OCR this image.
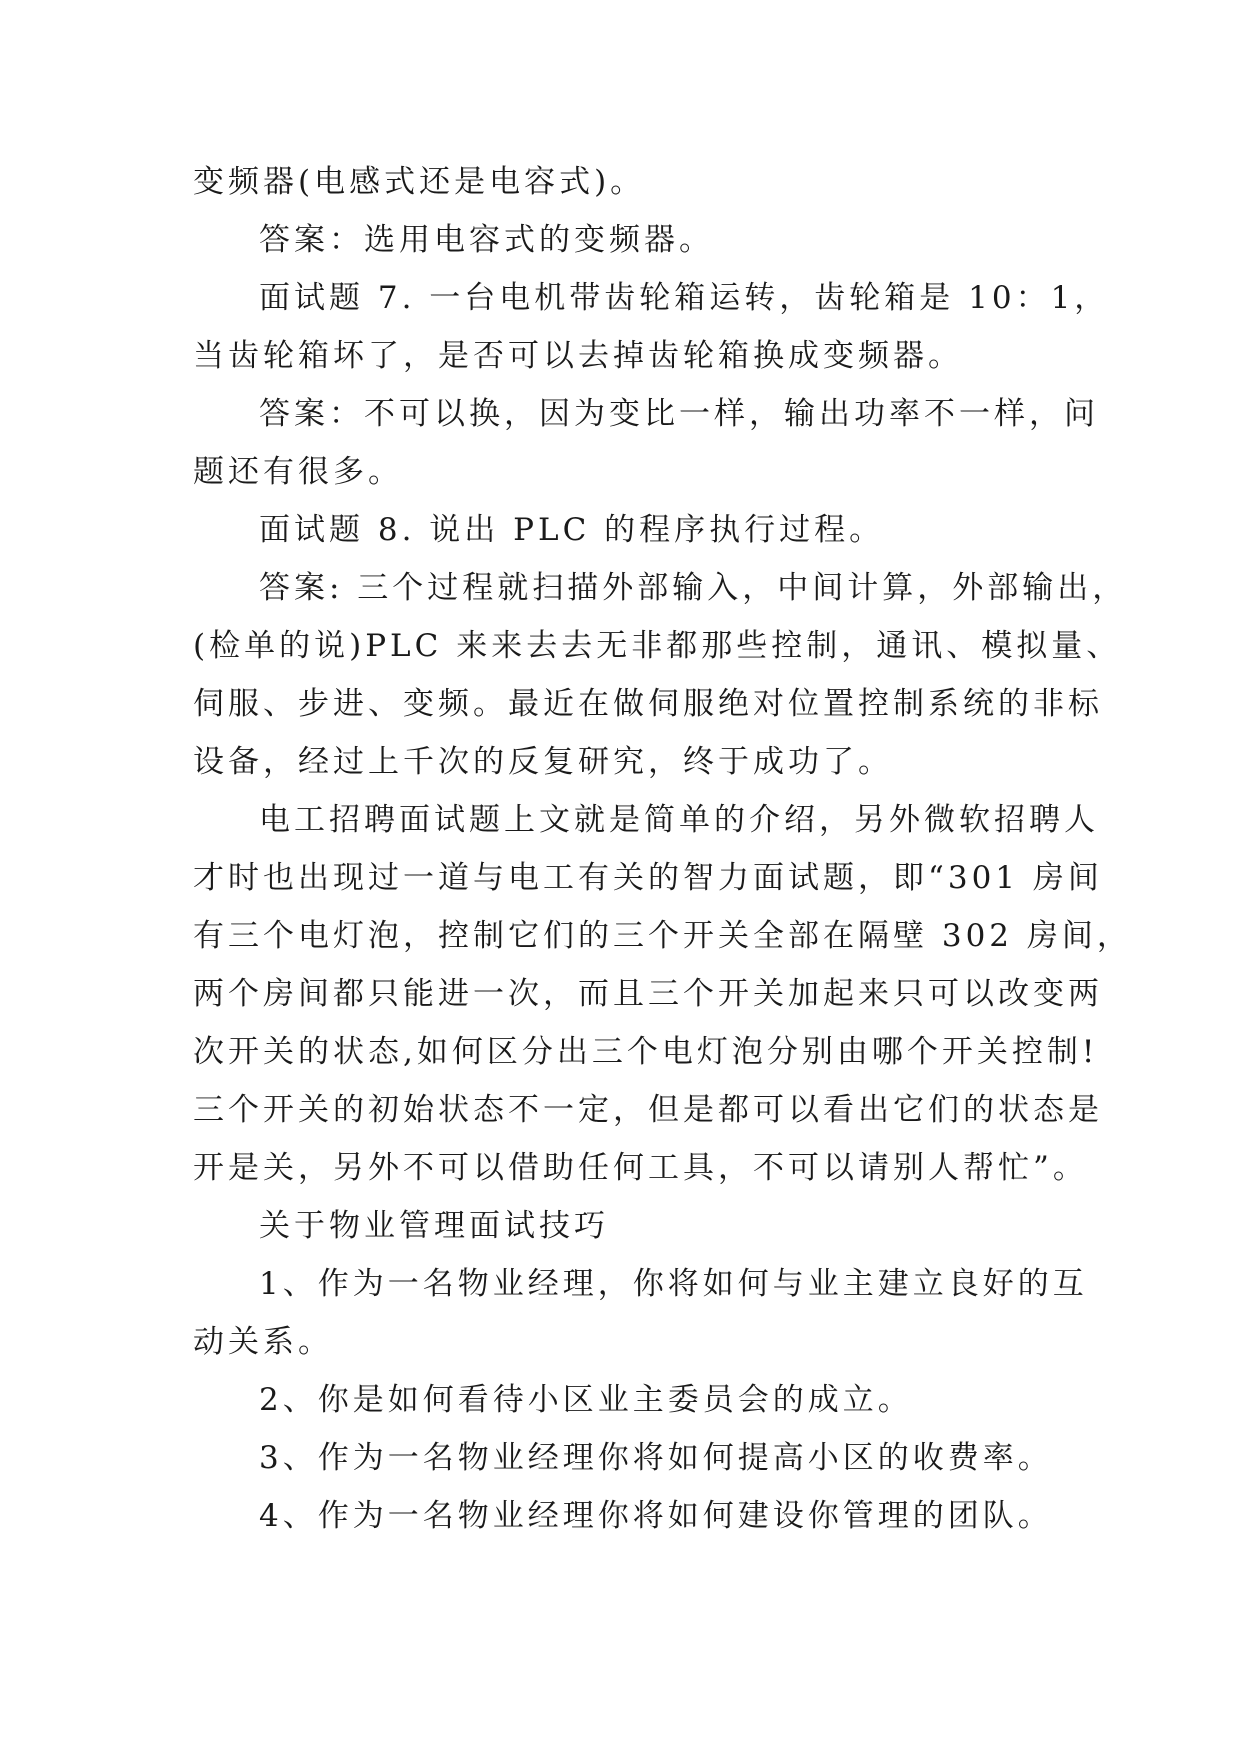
变频器(电感式还是电容式)。

答案：选用电容式的变频器。

面试题 7. 一台电机带齿轮箱运转，齿轮箱是 10：1，
当齿轮箱坏了，是否可以去掉齿轮箱换成变频器。

答案：不可以换，因为变比一样，输出功率不一样，问
题还有很多。

面试题 8. 说出 PLC 的程序执行过程。

答案: 三个过程就扫描外部输入，中间计算，外部输出，
(检单的说)PLC 来来去去无非都那些控制，通讯、模拟量、
伺服、步进、变频。最近在做伺服绝对位置控制系统的非标
设备，经过上千次的反复研究，终于成功了。

电工招聘面试题上文就是简单的介绍，另外微软招聘人
才时也出现过一道与电工有关的智力面试题，即“301 房间
有三个电灯泡，控制它们的三个开关全部在隔壁 302 房间，
两个房间都只能进一次，而且三个开关加起来只可以改变两
次开关的状态,如何区分出三个电灯泡分别由哪个开关控制!
三个开关的初始状态不一定，但是都可以看出它们的状态是
开是关，另外不可以借助任何工具，不可以请别人帮忙”。

关于物业管理面试技巧

1、作为一名物业经理，你将如何与业主建立良好的互
动关系。

2、你是如何看待小区业主委员会的成立。

3、作为一名物业经理你将如何提高小区的收费率。

4、作为一名物业经理你将如何建设你管理的团队。
